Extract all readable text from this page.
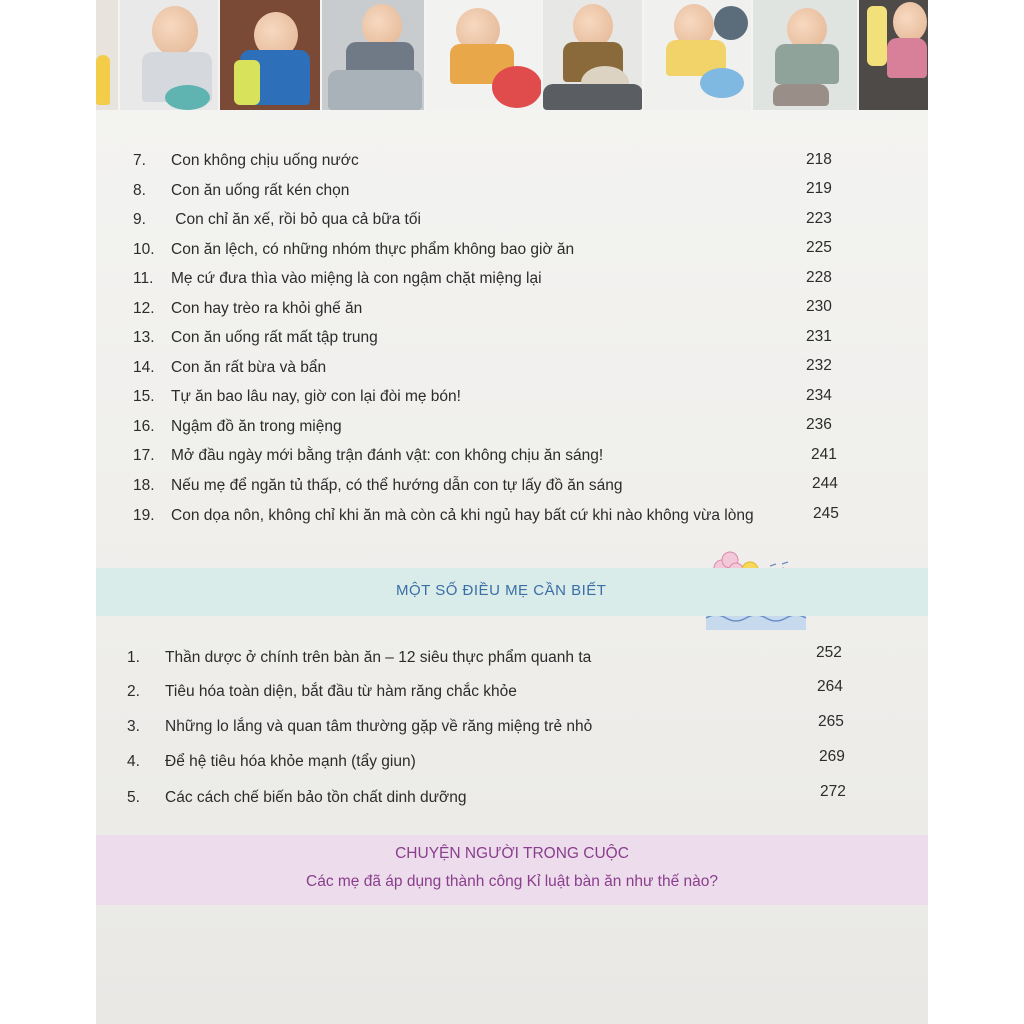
7.	Con không chịu uống nước	218
8.	Con ăn uống rất kén chọn	219
9.	Con chỉ ăn xế, rồi bỏ qua cả bữa tối	223
10.	Con ăn lệch, có những nhóm thực phẩm không bao giờ ăn	225
11.	Mẹ cứ đưa thìa vào miệng là con ngậm chặt miệng lại	228
12.	Con hay trèo ra khỏi ghế ăn	230
13.	Con ăn uống rất mất tập trung	231
14.	Con ăn rất bừa và bẩn	232
15.	Tự ăn bao lâu nay, giờ con lại đòi mẹ bón!	234
16.	Ngậm đồ ăn trong miệng	236
17.	Mở đầu ngày mới bằng trận đánh vật: con không chịu ăn sáng!	241
18.	Nếu mẹ để ngăn tủ thấp, có thể hướng dẫn con tự lấy đồ ăn sáng	244
19.	Con dọa nôn, không chỉ khi ăn mà còn cả khi ngủ hay bất cứ khi nào không vừa lòng	245
MỘT SỐ ĐIỀU MẸ CẦN BIẾT
1.	Thần dược ở chính trên bàn ăn – 12 siêu thực phẩm quanh ta	252
2.	Tiêu hóa toàn diện, bắt đầu từ hàm răng chắc khỏe	264
3.	Những lo lắng và quan tâm thường gặp về răng miệng trẻ nhỏ	265
4.	Để hệ tiêu hóa khỏe mạnh (tẩy giun)	269
5.	Các cách chế biến bảo tồn chất dinh dưỡng	272
CHUYỆN NGƯỜI TRONG CUỘC
Các mẹ đã áp dụng thành công Kỉ luật bàn ăn như thế nào?
